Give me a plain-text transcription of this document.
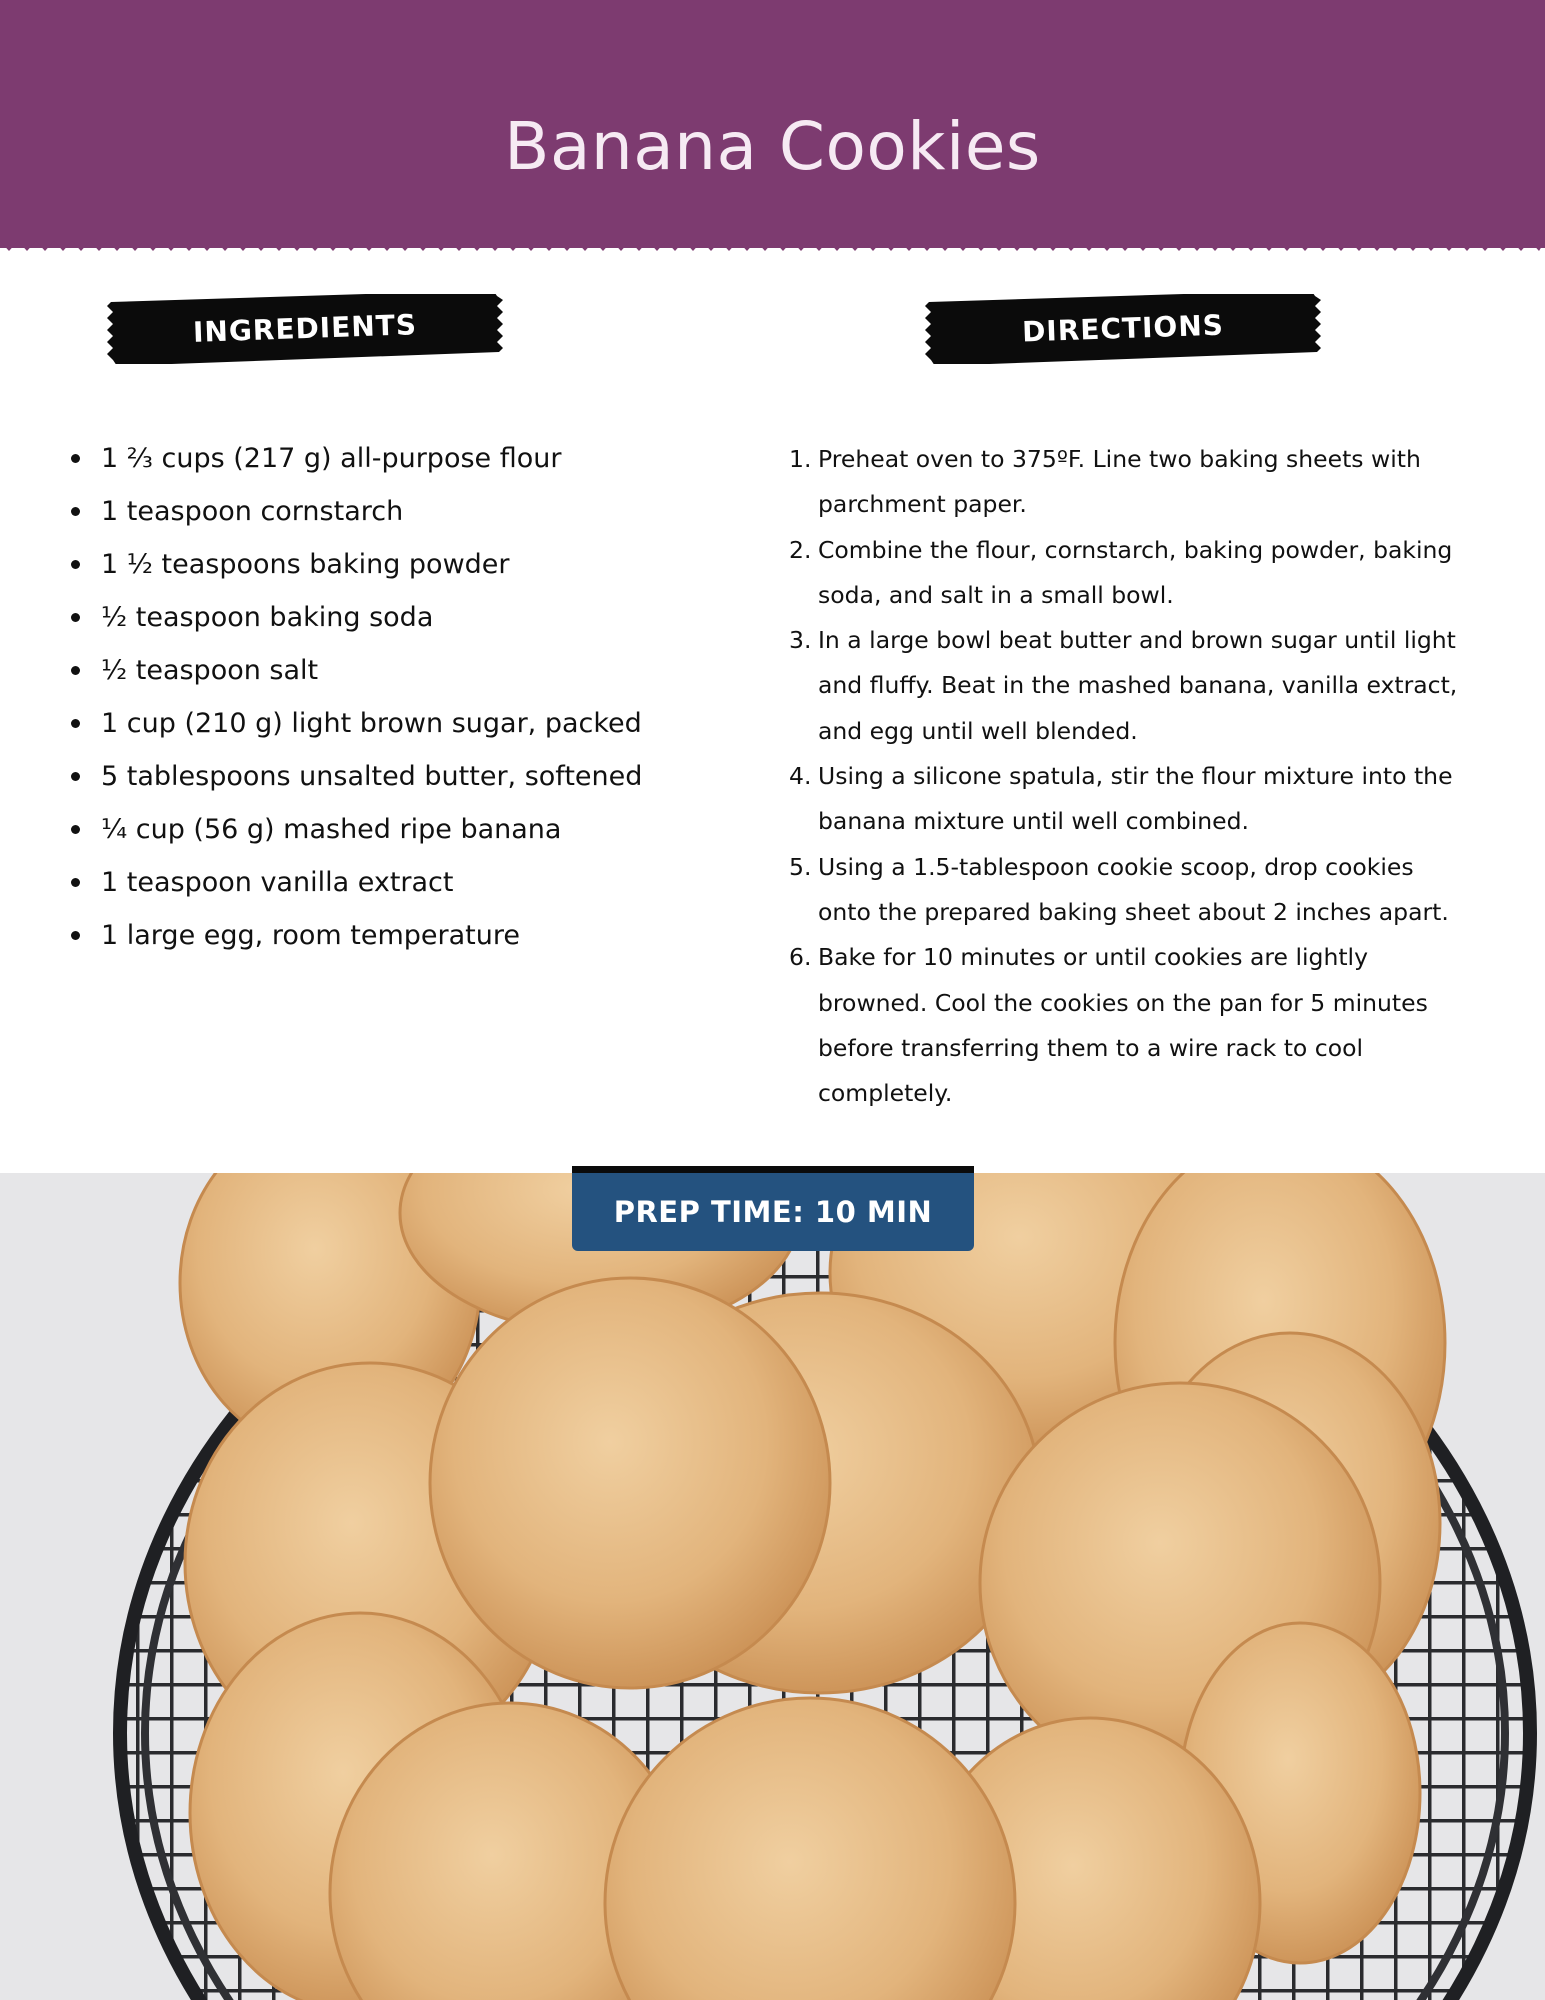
Banana Cookies
INGREDIENTS	DIRECTIONS
1 ⅔ cups (217 g) all-purpose flour
1 teaspoon cornstarch
1 ½ teaspoons baking powder
½ teaspoon baking soda
½ teaspoon salt
1 cup (210 g) light brown sugar, packed
5 tablespoons unsalted butter, softened
¼ cup (56 g) mashed ripe banana
1 teaspoon vanilla extract
1 large egg, room temperature
1. Preheat oven to 375ºF. Line two baking sheets with
parchment paper.
2. Combine the flour, cornstarch, baking powder, baking
soda, and salt in a small bowl.
3. In a large bowl beat butter and brown sugar until light
and fluffy. Beat in the mashed banana, vanilla extract,
and egg until well blended.
4. Using a silicone spatula, stir the flour mixture into the
banana mixture until well combined.
5. Using a 1.5-tablespoon cookie scoop, drop cookies
onto the prepared baking sheet about 2 inches apart.
6. Bake for 10 minutes or until cookies are lightly
browned. Cool the cookies on the pan for 5 minutes
before transferring them to a wire rack to cool
completely.
PREP TIME: 10 MIN
